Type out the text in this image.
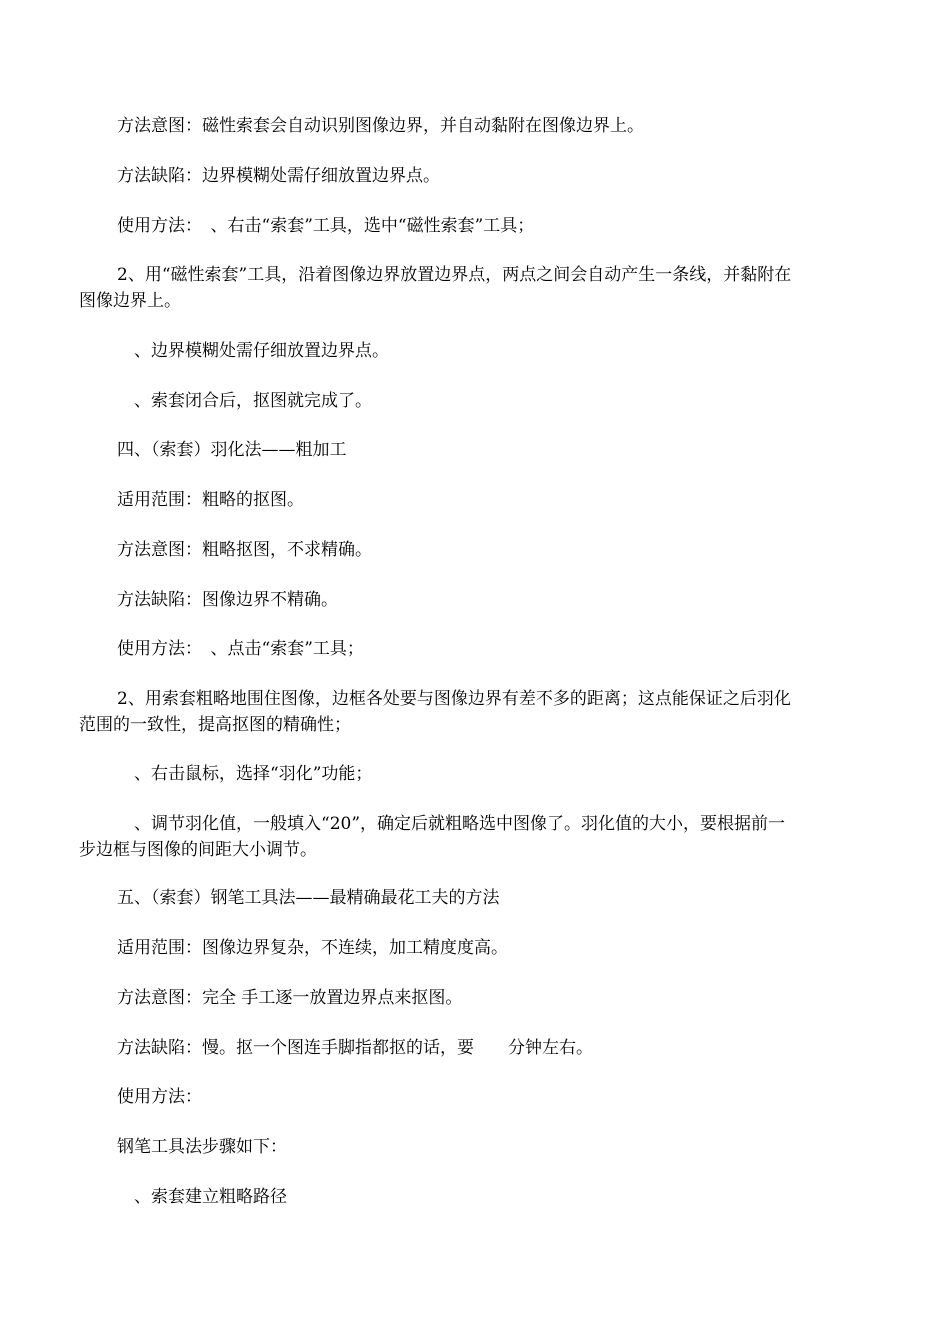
方法意图：磁性索套会自动识别图像边界，并自动黏附在图像边界上。

方法缺陷：边界模糊处需仔细放置边界点。

使用方法：　、右击“索套”工具，选中“磁性索套”工具；

2、用“磁性索套”工具，沿着图像边界放置边界点，两点之间会自动产生一条线，并黏附在图像边界上。

　、边界模糊处需仔细放置边界点。

　、索套闭合后，抠图就完成了。

四、（索套）羽化法——粗加工

适用范围：粗略的抠图。

方法意图：粗略抠图，不求精确。

方法缺陷：图像边界不精确。

使用方法：　、点击“索套”工具；

2、用索套粗略地围住图像，边框各处要与图像边界有差不多的距离；这点能保证之后羽化范围的一致性，提高抠图的精确性；

　、右击鼠标，选择“羽化”功能；

　、调节羽化值，一般填入“20”，确定后就粗略选中图像了。羽化值的大小，要根据前一步边框与图像的间距大小调节。

五、（索套）钢笔工具法——最精确最花工夫的方法

适用范围：图像边界复杂，不连续，加工精度度高。

方法意图：完全 手工逐一放置边界点来抠图。

方法缺陷：慢。抠一个图连手脚指都抠的话，要　　分钟左右。

使用方法：

钢笔工具法步骤如下：

　、索套建立粗略路径
